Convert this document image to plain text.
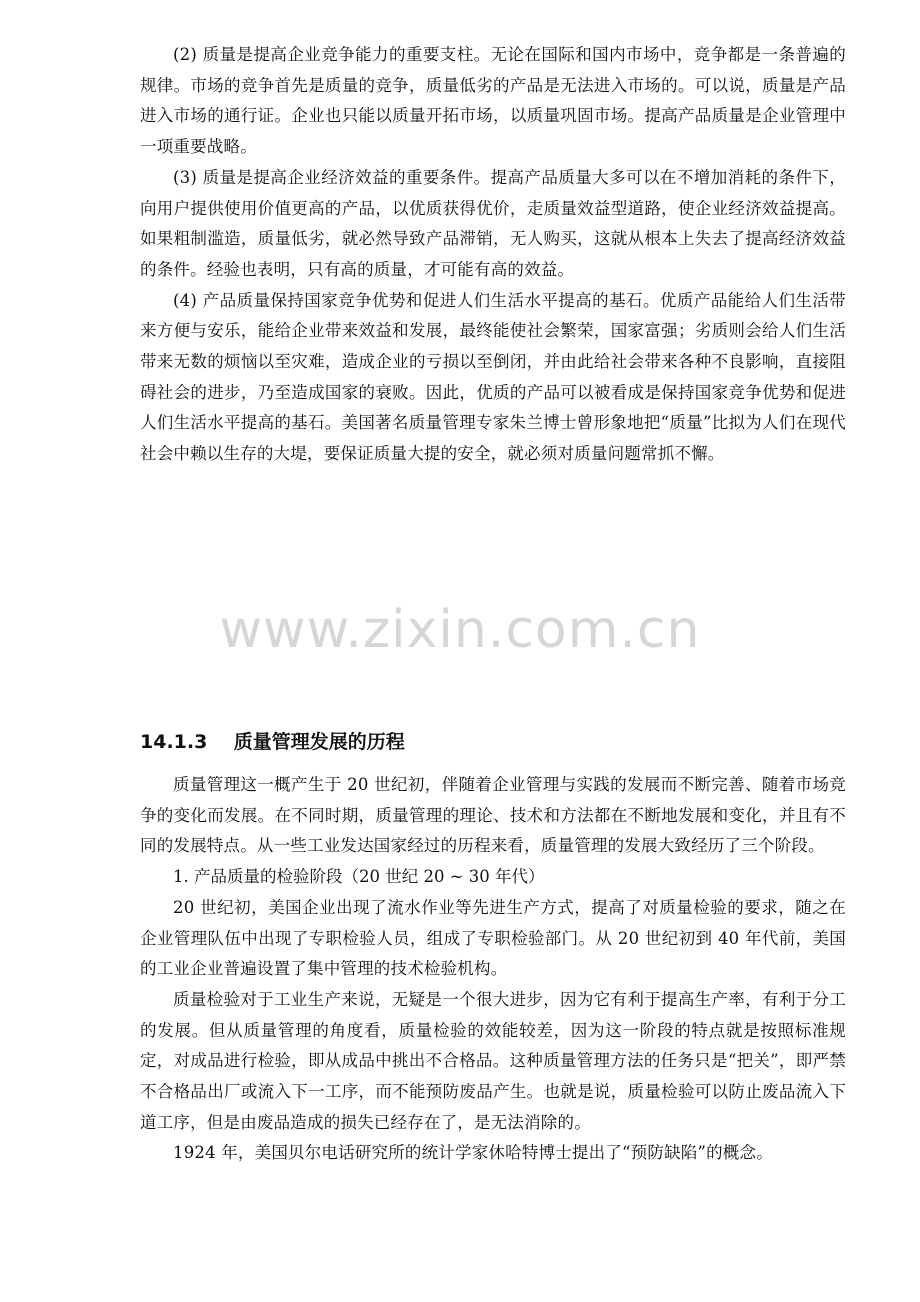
(2) 质量是提高企业竞争能力的重要支柱。无论在国际和国内市场中，竞争都是一条普遍的规律。市场的竞争首先是质量的竞争，质量低劣的产品是无法进入市场的。可以说，质量是产品进入市场的通行证。企业也只能以质量开拓市场，以质量巩固市场。提高产品质量是企业管理中一项重要战略。

(3) 质量是提高企业经济效益的重要条件。提高产品质量大多可以在不增加消耗的条件下，向用户提供使用价值更高的产品，以优质获得优价，走质量效益型道路，使企业经济效益提高。如果粗制滥造，质量低劣，就必然导致产品滞销，无人购买，这就从根本上失去了提高经济效益的条件。经验也表明，只有高的质量，才可能有高的效益。

(4) 产品质量保持国家竞争优势和促进人们生活水平提高的基石。优质产品能给人们生活带来方便与安乐，能给企业带来效益和发展，最终能使社会繁荣，国家富强；劣质则会给人们生活带来无数的烦恼以至灾难，造成企业的亏损以至倒闭，并由此给社会带来各种不良影响，直接阻碍社会的进步，乃至造成国家的衰败。因此，优质的产品可以被看成是保持国家竞争优势和促进人们生活水平提高的基石。美国著名质量管理专家朱兰博士曾形象地把“质量”比拟为人们在现代社会中赖以生存的大堤，要保证质量大提的安全，就必须对质量问题常抓不懈。

www.zixin.com.cn
14.1.3 质量管理发展的历程

质量管理这一概产生于 20 世纪初，伴随着企业管理与实践的发展而不断完善、随着市场竞争的变化而发展。在不同时期，质量管理的理论、技术和方法都在不断地发展和变化，并且有不同的发展特点。从一些工业发达国家经过的历程来看，质量管理的发展大致经历了三个阶段。

1. 产品质量的检验阶段（20 世纪 20 ~ 30 年代）

20 世纪初，美国企业出现了流水作业等先进生产方式，提高了对质量检验的要求，随之在企业管理队伍中出现了专职检验人员，组成了专职检验部门。从 20 世纪初到 40 年代前，美国的工业企业普遍设置了集中管理的技术检验机构。

质量检验对于工业生产来说，无疑是一个很大进步，因为它有利于提高生产率，有利于分工的发展。但从质量管理的角度看，质量检验的效能较差，因为这一阶段的特点就是按照标准规定，对成品进行检验，即从成品中挑出不合格品。这种质量管理方法的任务只是“把关”，即严禁不合格品出厂或流入下一工序，而不能预防废品产生。也就是说，质量检验可以防止废品流入下道工序，但是由废品造成的损失已经存在了，是无法消除的。

1924 年，美国贝尔电话研究所的统计学家休哈特博士提出了“预防缺陷”的概念。
